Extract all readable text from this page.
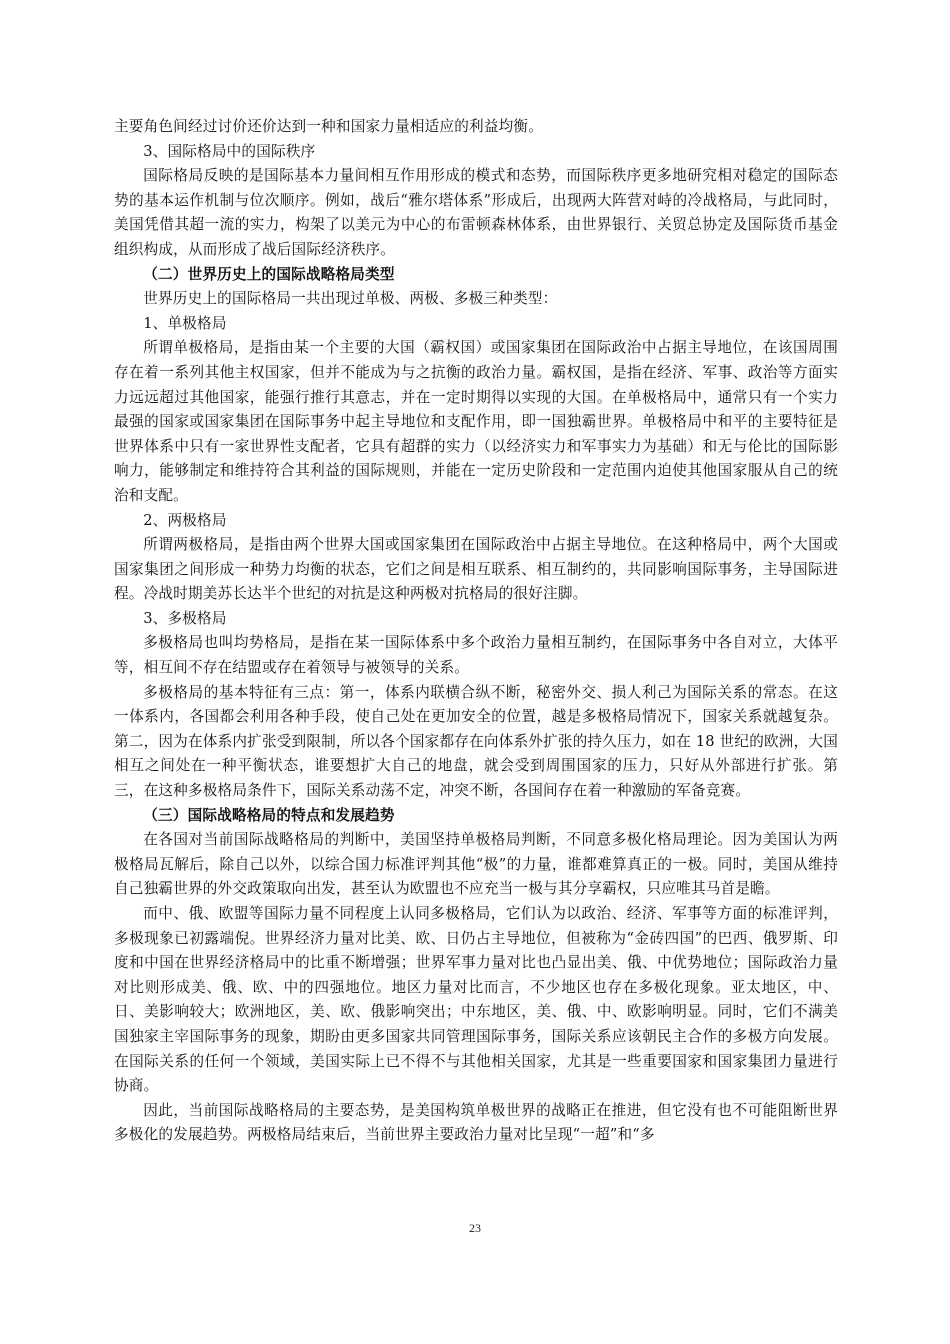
主要角色间经过讨价还价达到一种和国家力量相适应的利益均衡。

3、国际格局中的国际秩序

国际格局反映的是国际基本力量间相互作用形成的模式和态势，而国际秩序更多地研究相对稳定的国际态势的基本运作机制与位次顺序。例如，战后“雅尔塔体系”形成后，出现两大阵营对峙的冷战格局，与此同时，美国凭借其超一流的实力，构架了以美元为中心的布雷顿森林体系，由世界银行、关贸总协定及国际货币基金组织构成，从而形成了战后国际经济秩序。

（二）世界历史上的国际战略格局类型

世界历史上的国际格局一共出现过单极、两极、多极三种类型：

1、单极格局

所谓单极格局，是指由某一个主要的大国（霸权国）或国家集团在国际政治中占据主导地位，在该国周围存在着一系列其他主权国家，但并不能成为与之抗衡的政治力量。霸权国，是指在经济、军事、政治等方面实力远远超过其他国家，能强行推行其意志，并在一定时期得以实现的大国。在单极格局中，通常只有一个实力最强的国家或国家集团在国际事务中起主导地位和支配作用，即一国独霸世界。单极格局中和平的主要特征是世界体系中只有一家世界性支配者，它具有超群的实力（以经济实力和军事实力为基础）和无与伦比的国际影响力，能够制定和维持符合其利益的国际规则，并能在一定历史阶段和一定范围内迫使其他国家服从自己的统治和支配。

2、两极格局

所谓两极格局，是指由两个世界大国或国家集团在国际政治中占据主导地位。在这种格局中，两个大国或国家集团之间形成一种势力均衡的状态，它们之间是相互联系、相互制约的，共同影响国际事务，主导国际进程。冷战时期美苏长达半个世纪的对抗是这种两极对抗格局的很好注脚。

3、多极格局

多极格局也叫均势格局，是指在某一国际体系中多个政治力量相互制约，在国际事务中各自对立，大体平等，相互间不存在结盟或存在着领导与被领导的关系。

多极格局的基本特征有三点：第一，体系内联横合纵不断，秘密外交、损人利己为国际关系的常态。在这一体系内，各国都会利用各种手段，使自己处在更加安全的位置，越是多极格局情况下，国家关系就越复杂。第二，因为在体系内扩张受到限制，所以各个国家都存在向体系外扩张的持久压力，如在 18 世纪的欧洲，大国相互之间处在一种平衡状态，谁要想扩大自己的地盘，就会受到周围国家的压力，只好从外部进行扩张。第三，在这种多极格局条件下，国际关系动荡不定，冲突不断，各国间存在着一种激励的军备竞赛。

（三）国际战略格局的特点和发展趋势

在各国对当前国际战略格局的判断中，美国坚持单极格局判断，不同意多极化格局理论。因为美国认为两极格局瓦解后，除自己以外，以综合国力标准评判其他“极”的力量，谁都难算真正的一极。同时，美国从维持自己独霸世界的外交政策取向出发，甚至认为欧盟也不应充当一极与其分享霸权，只应唯其马首是瞻。

而中、俄、欧盟等国际力量不同程度上认同多极格局，它们认为以政治、经济、军事等方面的标准评判，多极现象已初露端倪。世界经济力量对比美、欧、日仍占主导地位，但被称为“金砖四国”的巴西、俄罗斯、印度和中国在世界经济格局中的比重不断增强；世界军事力量对比也凸显出美、俄、中优势地位；国际政治力量对比则形成美、俄、欧、中的四强地位。地区力量对比而言，不少地区也存在多极化现象。亚太地区，中、日、美影响较大；欧洲地区，美、欧、俄影响突出；中东地区，美、俄、中、欧影响明显。同时，它们不满美国独家主宰国际事务的现象，期盼由更多国家共同管理国际事务，国际关系应该朝民主合作的多极方向发展。在国际关系的任何一个领域，美国实际上已不得不与其他相关国家，尤其是一些重要国家和国家集团力量进行协商。

因此，当前国际战略格局的主要态势，是美国构筑单极世界的战略正在推进，但它没有也不可能阻断世界多极化的发展趋势。两极格局结束后，当前世界主要政治力量对比呈现“一超”和“多

23
